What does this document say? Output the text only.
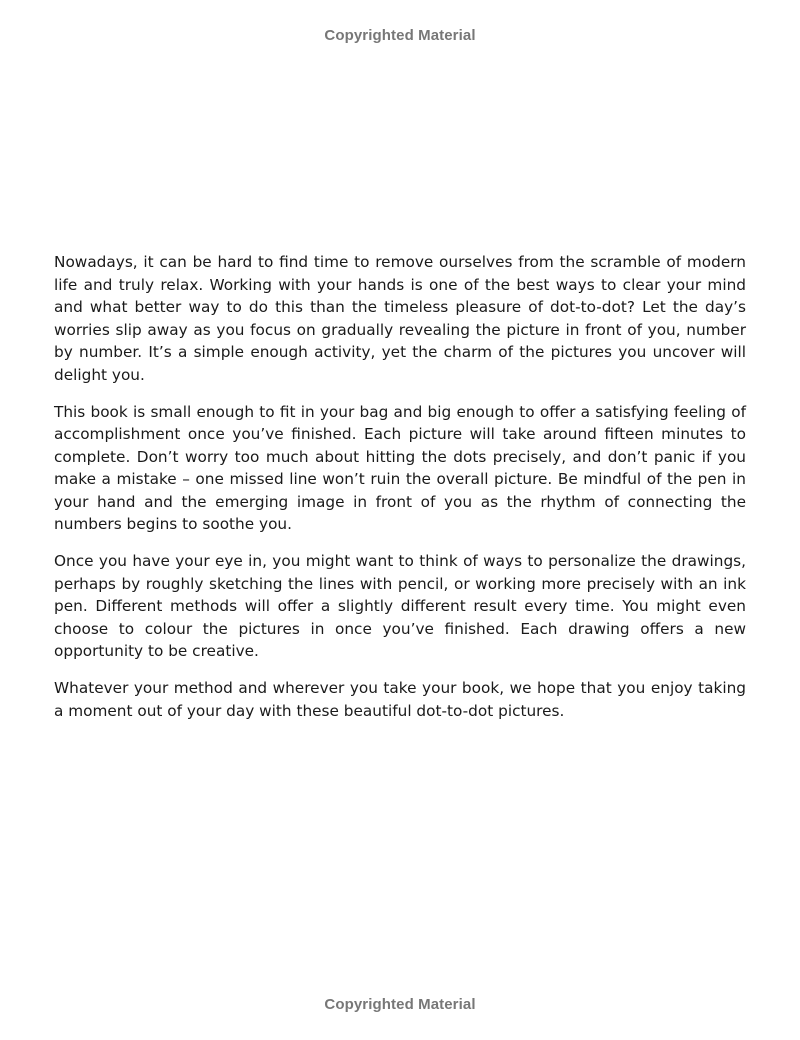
Copyrighted Material

Nowadays, it can be hard to find time to remove ourselves from the scramble of modern life and truly relax. Working with your hands is one of the best ways to clear your mind and what better way to do this than the timeless pleasure of dot-to-dot? Let the day’s worries slip away as you focus on gradually revealing the picture in front of you, number by number. It’s a simple enough activity, yet the charm of the pictures you uncover will delight you.

This book is small enough to fit in your bag and big enough to offer a satisfying feeling of accomplishment once you’ve finished. Each picture will take around fifteen minutes to complete. Don’t worry too much about hitting the dots precisely, and don’t panic if you make a mistake – one missed line won’t ruin the overall picture. Be mindful of the pen in your hand and the emerging image in front of you as the rhythm of connecting the numbers begins to soothe you.

Once you have your eye in, you might want to think of ways to personalize the drawings, perhaps by roughly sketching the lines with pencil, or working more precisely with an ink pen. Different methods will offer a slightly different result every time. You might even choose to colour the pictures in once you’ve finished. Each drawing offers a new opportunity to be creative.

Whatever your method and wherever you take your book, we hope that you enjoy taking a moment out of your day with these beautiful dot-to-dot pictures.

Copyrighted Material
